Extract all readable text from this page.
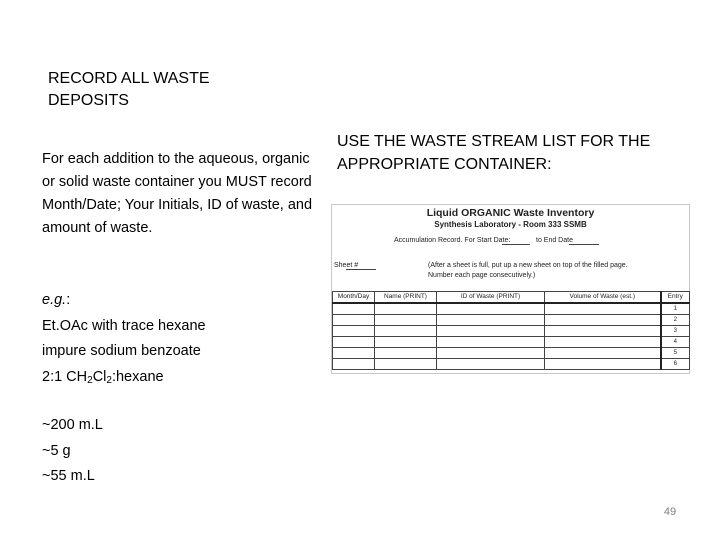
RECORD ALL WASTE
DEPOSITS
For each addition to the aqueous, organic or solid waste container you MUST record Month/Date; Your Initials, ID of waste, and amount of waste.
e.g.:
Et.OAc with trace hexane
impure sodium benzoate
2:1 $CH_2Cl_2:hexane$
~200 m.L
~5 g
~55 m.L
USE THE WASTE STREAM LIST FOR THE APPROPRIATE CONTAINER:
Liquid ORGANIC Waste Inventory
Synthesis Laboratory - Room 333 SSMB
Accumulation Record. For Start Date:	to End Date
Sheet #	(After a sheet is full, put up a new sheet on top of the filled page.
Number each page consecutively.)
Month/Day	Name (PRINT)	ID of Waste (PRINT)	Volume of Waste (est.)	Entry
				1
				2
				3
				4
				5
				6
49
